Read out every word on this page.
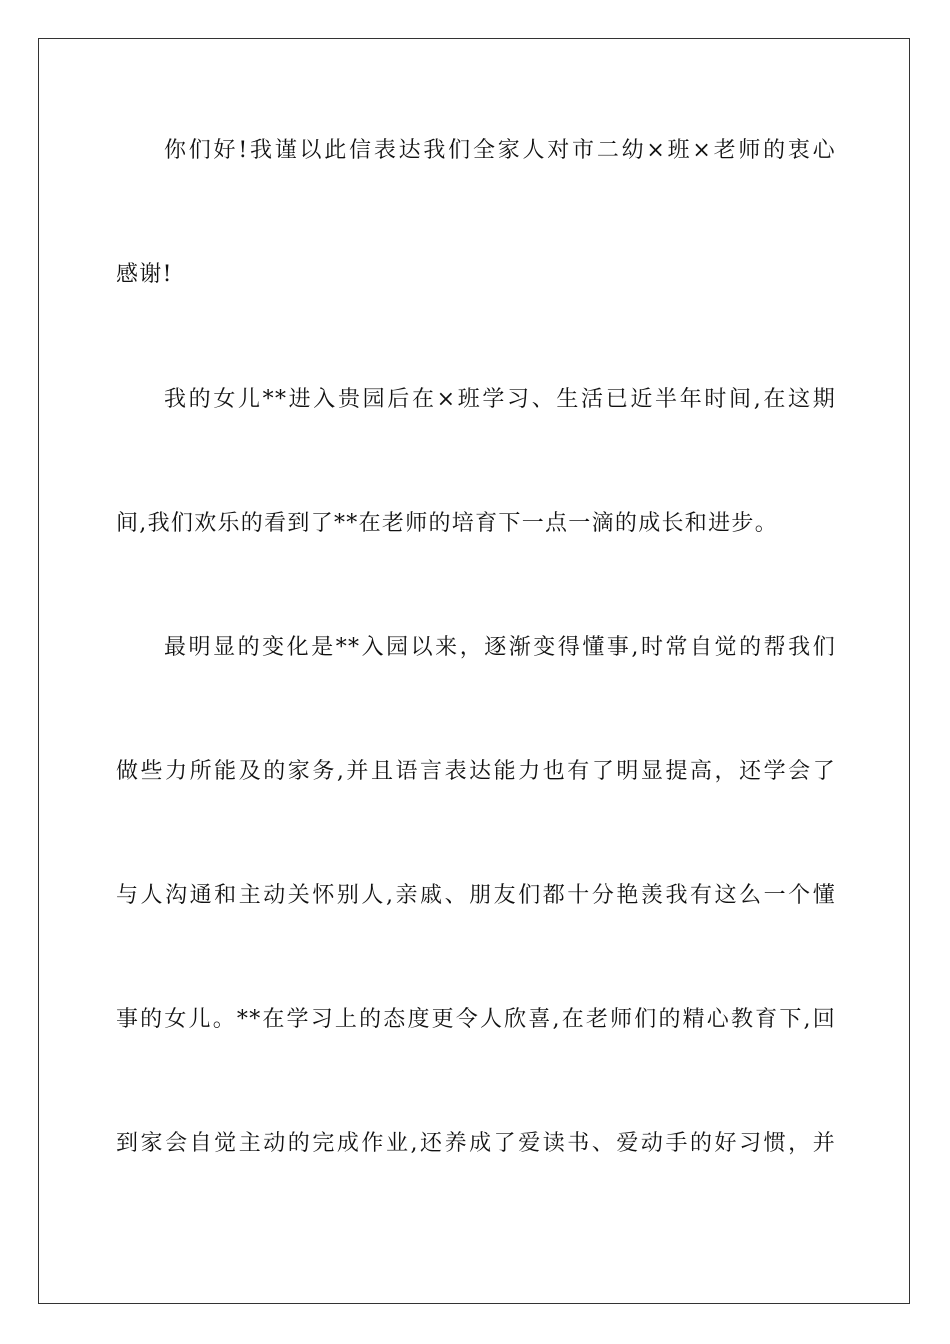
你们好!我谨以此信表达我们全家人对市二幼×班×老师的衷心
感谢!
我的女儿**进入贵园后在×班学习、生活已近半年时间,在这期
间,我们欢乐的看到了**在老师的培育下一点一滴的成长和进步。
最明显的变化是**入园以来，逐渐变得懂事,时常自觉的帮我们
做些力所能及的家务,并且语言表达能力也有了明显提高，还学会了
与人沟通和主动关怀别人,亲戚、朋友们都十分艳羡我有这么一个懂
事的女儿。**在学习上的态度更令人欣喜,在老师们的精心教育下,回
到家会自觉主动的完成作业,还养成了爱读书、爱动手的好习惯，并
